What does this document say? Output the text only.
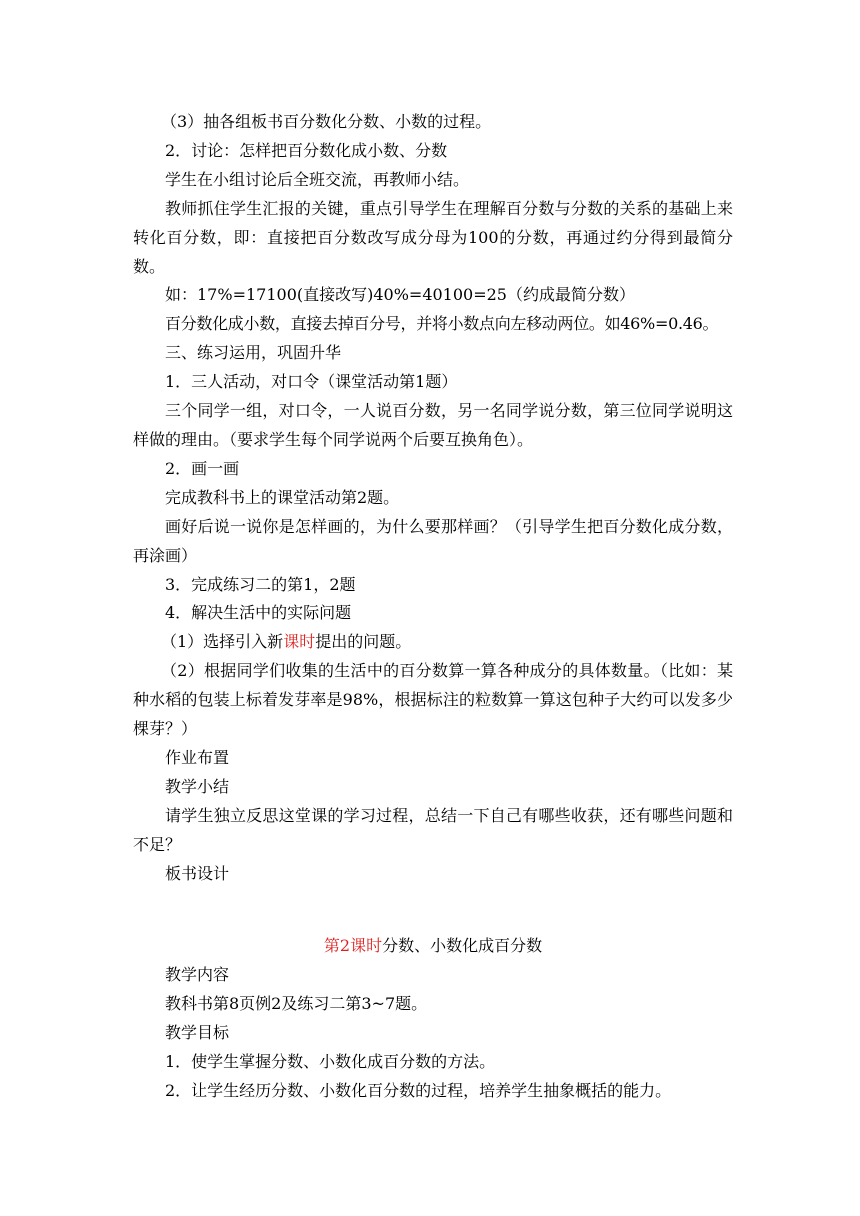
（3）抽各组板书百分数化分数、小数的过程。

2．讨论：怎样把百分数化成小数、分数

学生在小组讨论后全班交流，再教师小结。

教师抓住学生汇报的关键，重点引导学生在理解百分数与分数的关系的基础上来转化百分数，即：直接把百分数改写成分母为100的分数，再通过约分得到最简分数。

如：17%=17100(直接改写)40%=40100=25（约成最简分数）

百分数化成小数，直接去掉百分号，并将小数点向左移动两位。如46%=0.46。

三、练习运用，巩固升华

1．三人活动，对口令（课堂活动第1题）

三个同学一组，对口令，一人说百分数，另一名同学说分数，第三位同学说明这样做的理由。（要求学生每个同学说两个后要互换角色）。

2．画一画

完成教科书上的课堂活动第2题。

画好后说一说你是怎样画的，为什么要那样画？（引导学生把百分数化成分数，再涂画）

3．完成练习二的第1，2题

4．解决生活中的实际问题

（1）选择引入新课时提出的问题。

（2）根据同学们收集的生活中的百分数算一算各种成分的具体数量。（比如：某种水稻的包装上标着发芽率是98%，根据标注的粒数算一算这包种子大约可以发多少棵芽？）

作业布置

教学小结

请学生独立反思这堂课的学习过程，总结一下自己有哪些收获，还有哪些问题和不足？

板书设计

第2课时分数、小数化成百分数

教学内容

教科书第8页例2及练习二第3~7题。

教学目标

1．使学生掌握分数、小数化成百分数的方法。

2．让学生经历分数、小数化百分数的过程，培养学生抽象概括的能力。
